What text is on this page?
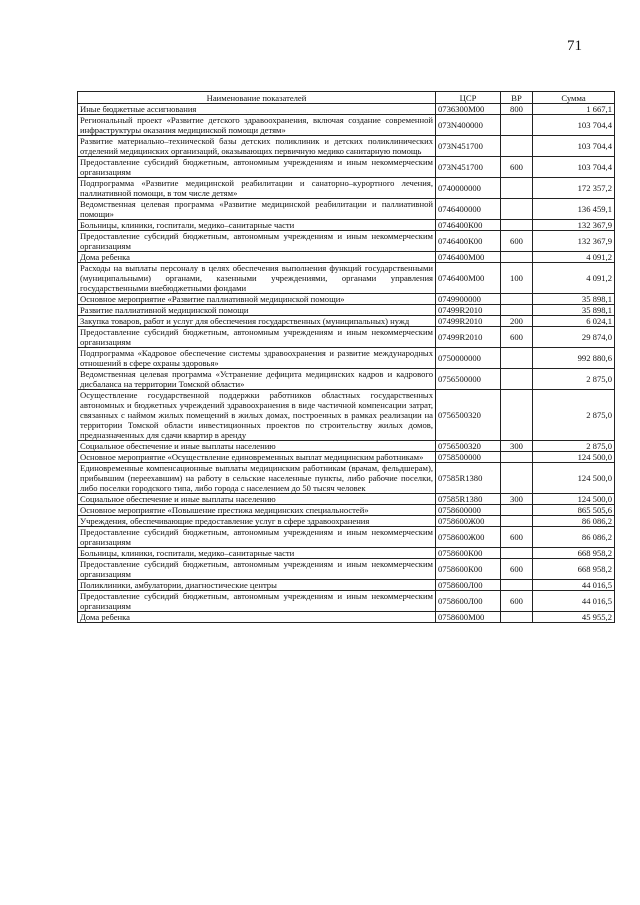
71
Наименование показателей	ЦСР	ВР	Сумма
Иные бюджетные ассигнования	0736300М00	800	1 667,1
Региональный проект «Развитие детского здравоохранения, включая создание современной инфраструктуры оказания медицинской помощи детям»	073N400000		103 704,4
Развитие материально–технической базы детских поликлиник и детских поликлинических отделений медицинских организаций, оказывающих первичную медико санитарную помощь	073N451700		103 704,4
Предоставление субсидий бюджетным, автономным учреждениям и иным некоммерческим организациям	073N451700	600	103 704,4
Подпрограмма «Развитие медицинской реабилитации и санаторно–курортного лечения, паллиативной помощи, в том числе детям»	0740000000		172 357,2
Ведомственная целевая программа «Развитие медицинской реабилитации и паллиативной помощи»	0746400000		136 459,1
Больницы, клиники, госпитали, медико–санитарные части	0746400К00		132 367,9
Предоставление субсидий бюджетным, автономным учреждениям и иным некоммерческим организациям	0746400К00	600	132 367,9
Дома ребенка	0746400М00		4 091,2
Расходы на выплаты персоналу в целях обеспечения выполнения функций государственными (муниципальными) органами, казенными учреждениями, органами управления государственными внебюджетными фондами	0746400М00	100	4 091,2
Основное мероприятие «Развитие паллиативной медицинской помощи»	0749900000		35 898,1
Развитие паллиативной медицинской помощи	07499R2010		35 898,1
Закупка товаров, работ и услуг для обеспечения государственных (муниципальных) нужд	07499R2010	200	6 024,1
Предоставление субсидий бюджетным, автономным учреждениям и иным некоммерческим организациям	07499R2010	600	29 874,0
Подпрограмма «Кадровое обеспечение системы здравоохранения и развитие международных отношений в сфере охраны здоровья»	0750000000		992 880,6
Ведомственная целевая программа «Устранение дефицита медицинских кадров и кадрового дисбаланса на территории Томской области»	0756500000		2 875,0
Осуществление государственной поддержки работников областных государственных автономных и бюджетных учреждений здравоохранения в виде частичной компенсации затрат, связанных с наймом жилых помещений в жилых домах, построенных в рамках реализации на территории Томской области инвестиционных проектов по строительству жилых домов, предназначенных для сдачи квартир в аренду	0756500320		2 875,0
Социальное обеспечение и иные выплаты населению	0756500320	300	2 875,0
Основное мероприятие «Осуществление единовременных выплат медицинским работникам»	0758500000		124 500,0
Единовременные компенсационные выплаты медицинским работникам (врачам, фельдшерам), прибывшим (переехавшим) на работу в сельские населенные пункты, либо рабочие поселки, либо поселки городского типа, либо города с населением до 50 тысяч человек	07585R1380		124 500,0
Социальное обеспечение и иные выплаты населению	07585R1380	300	124 500,0
Основное мероприятие «Повышение престижа медицинских специальностей»	0758600000		865 505,6
Учреждения, обеспечивающие предоставление услуг в сфере здравоохранения	0758600Ж00		86 086,2
Предоставление субсидий бюджетным, автономным учреждениям и иным некоммерческим организациям	0758600Ж00	600	86 086,2
Больницы, клиники, госпитали, медико–санитарные части	0758600К00		668 958,2
Предоставление субсидий бюджетным, автономным учреждениям и иным некоммерческим организациям	0758600К00	600	668 958,2
Поликлиники, амбулатории, диагностические центры	0758600Л00		44 016,5
Предоставление субсидий бюджетным, автономным учреждениям и иным некоммерческим организациям	0758600Л00	600	44 016,5
Дома ребенка	0758600М00		45 955,2
